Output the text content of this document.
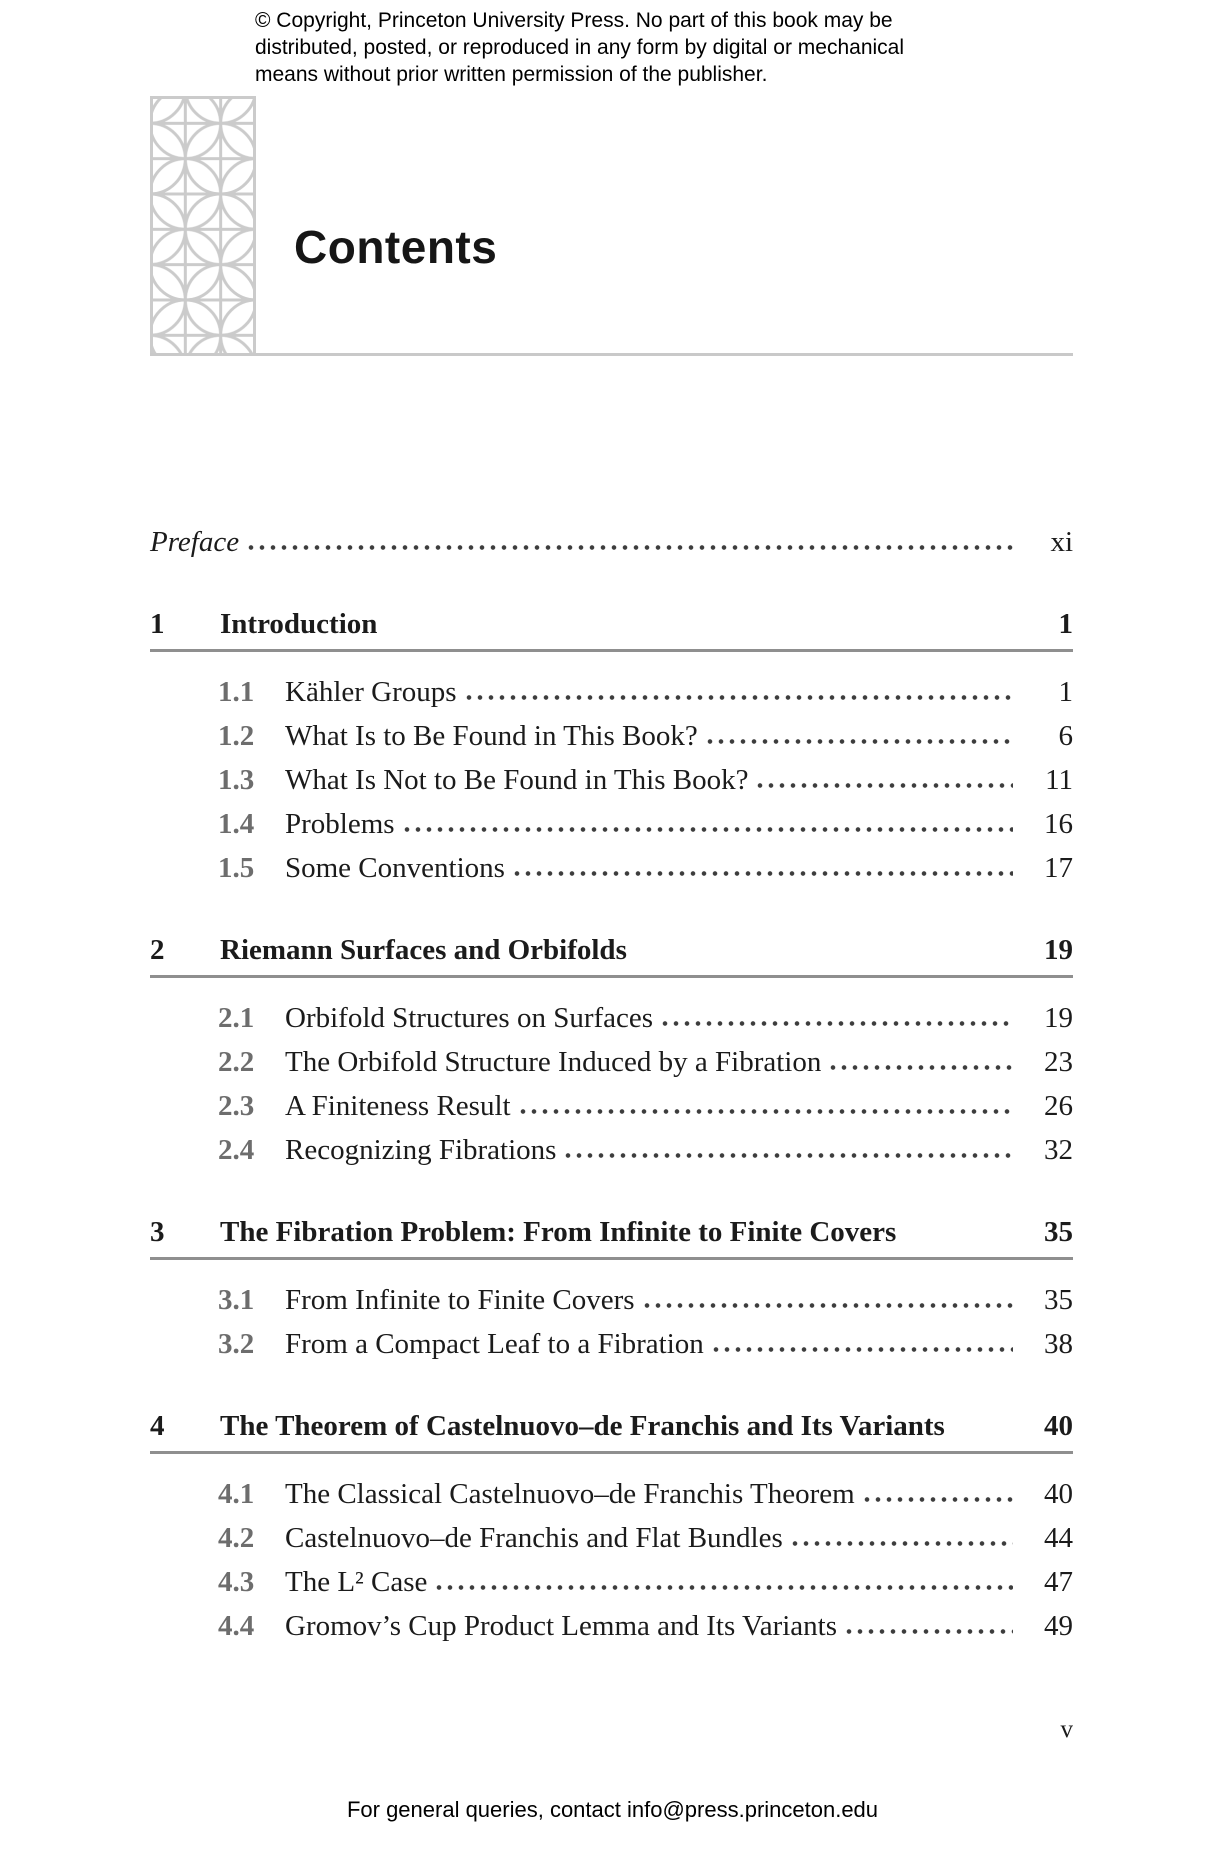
© Copyright, Princeton University Press. No part of this book may be
distributed, posted, or reproduced in any form by digital or mechanical
means without prior written permission of the publisher.
Contents
Preface	xi
1	Introduction	1
1.1	Kähler Groups	1
1.2	What Is to Be Found in This Book?	6
1.3	What Is Not to Be Found in This Book?	11
1.4	Problems	16
1.5	Some Conventions	17
2	Riemann Surfaces and Orbifolds	19
2.1	Orbifold Structures on Surfaces	19
2.2	The Orbifold Structure Induced by a Fibration	23
2.3	A Finiteness Result	26
2.4	Recognizing Fibrations	32
3	The Fibration Problem: From Infinite to Finite Covers	35
3.1	From Infinite to Finite Covers	35
3.2	From a Compact Leaf to a Fibration	38
4	The Theorem of Castelnuovo–de Franchis and Its Variants	40
4.1	The Classical Castelnuovo–de Franchis Theorem	40
4.2	Castelnuovo–de Franchis and Flat Bundles	44
4.3	The L² Case	47
4.4	Gromov’s Cup Product Lemma and Its Variants	49
v
For general queries, contact info@press.princeton.edu
